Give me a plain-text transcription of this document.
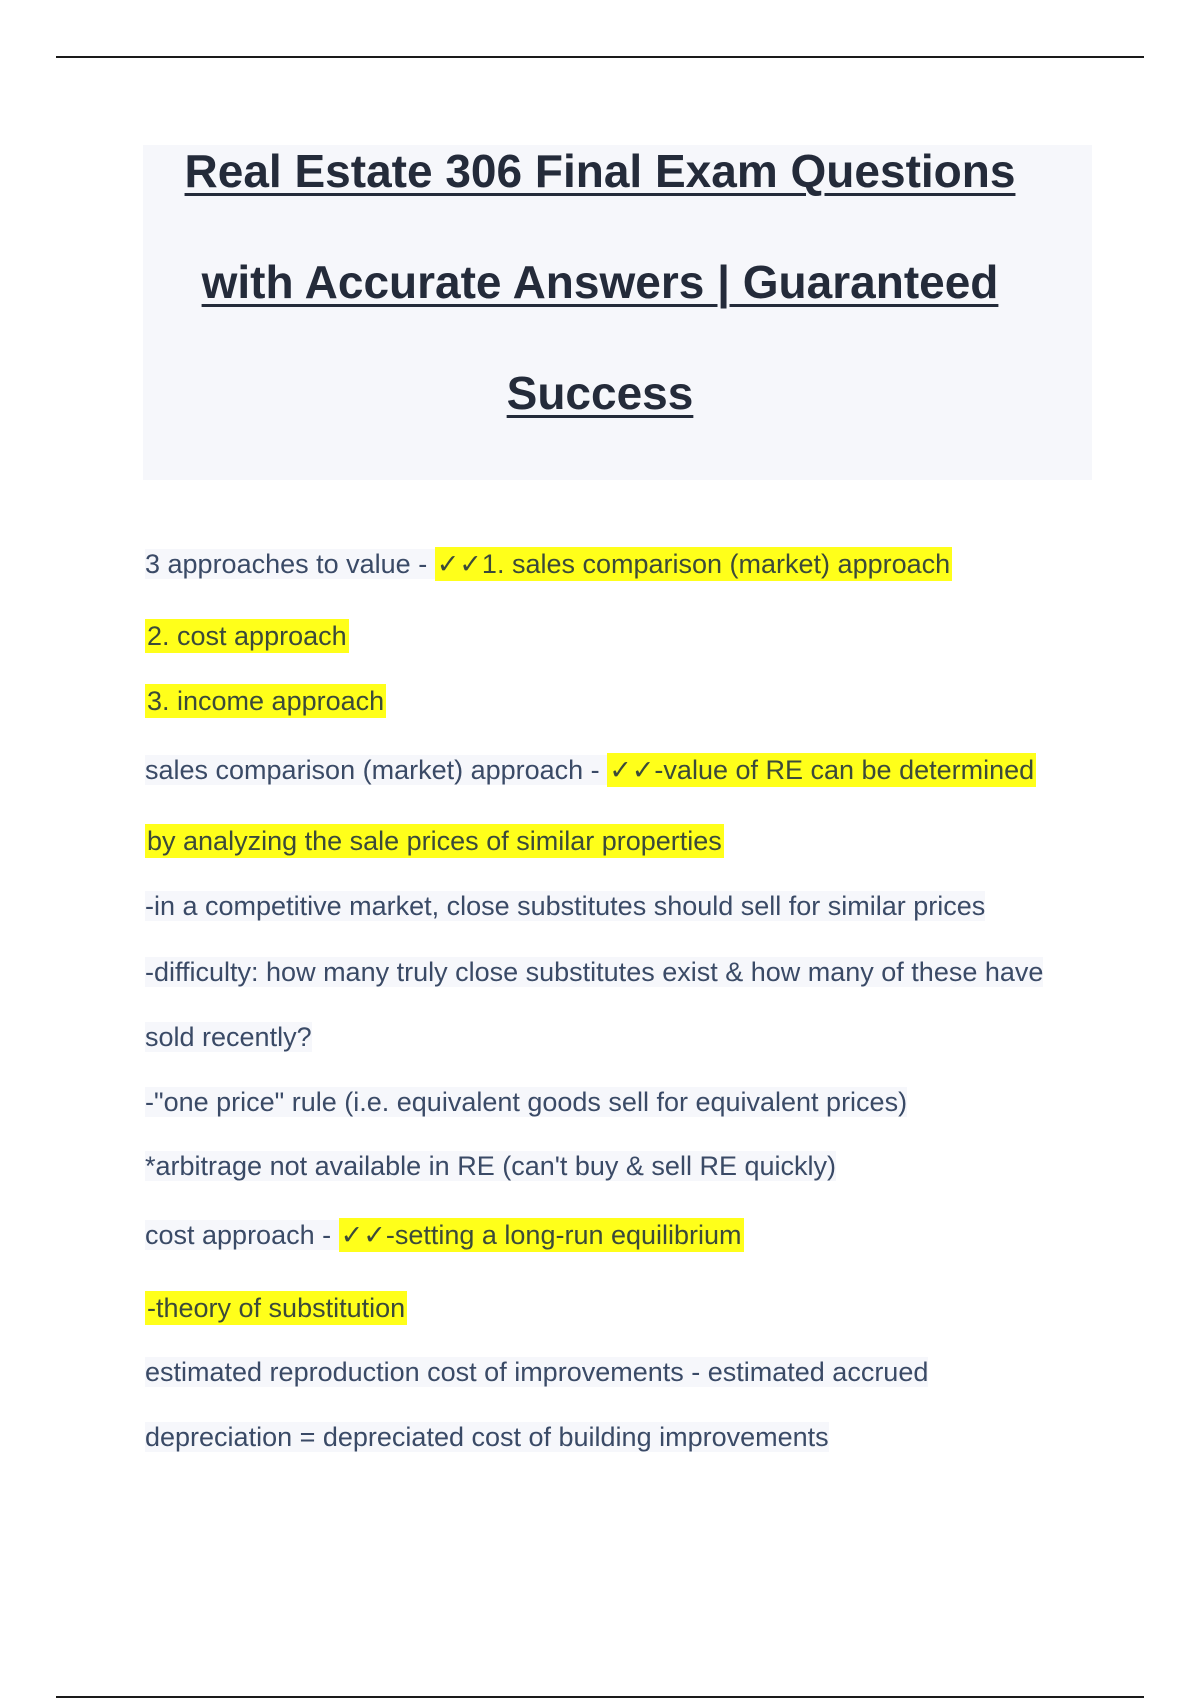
Real Estate 306 Final Exam Questions
with Accurate Answers | Guaranteed
Success
3 approaches to value - ✓✓1. sales comparison (market) approach
2. cost approach
3. income approach
sales comparison (market) approach - ✓✓-value of RE can be determined
by analyzing the sale prices of similar properties
-in a competitive market, close substitutes should sell for similar prices
-difficulty: how many truly close substitutes exist & how many of these have
sold recently?
-"one price" rule (i.e. equivalent goods sell for equivalent prices)
*arbitrage not available in RE (can't buy & sell RE quickly)
cost approach - ✓✓-setting a long-run equilibrium
-theory of substitution
estimated reproduction cost of improvements - estimated accrued
depreciation = depreciated cost of building improvements
